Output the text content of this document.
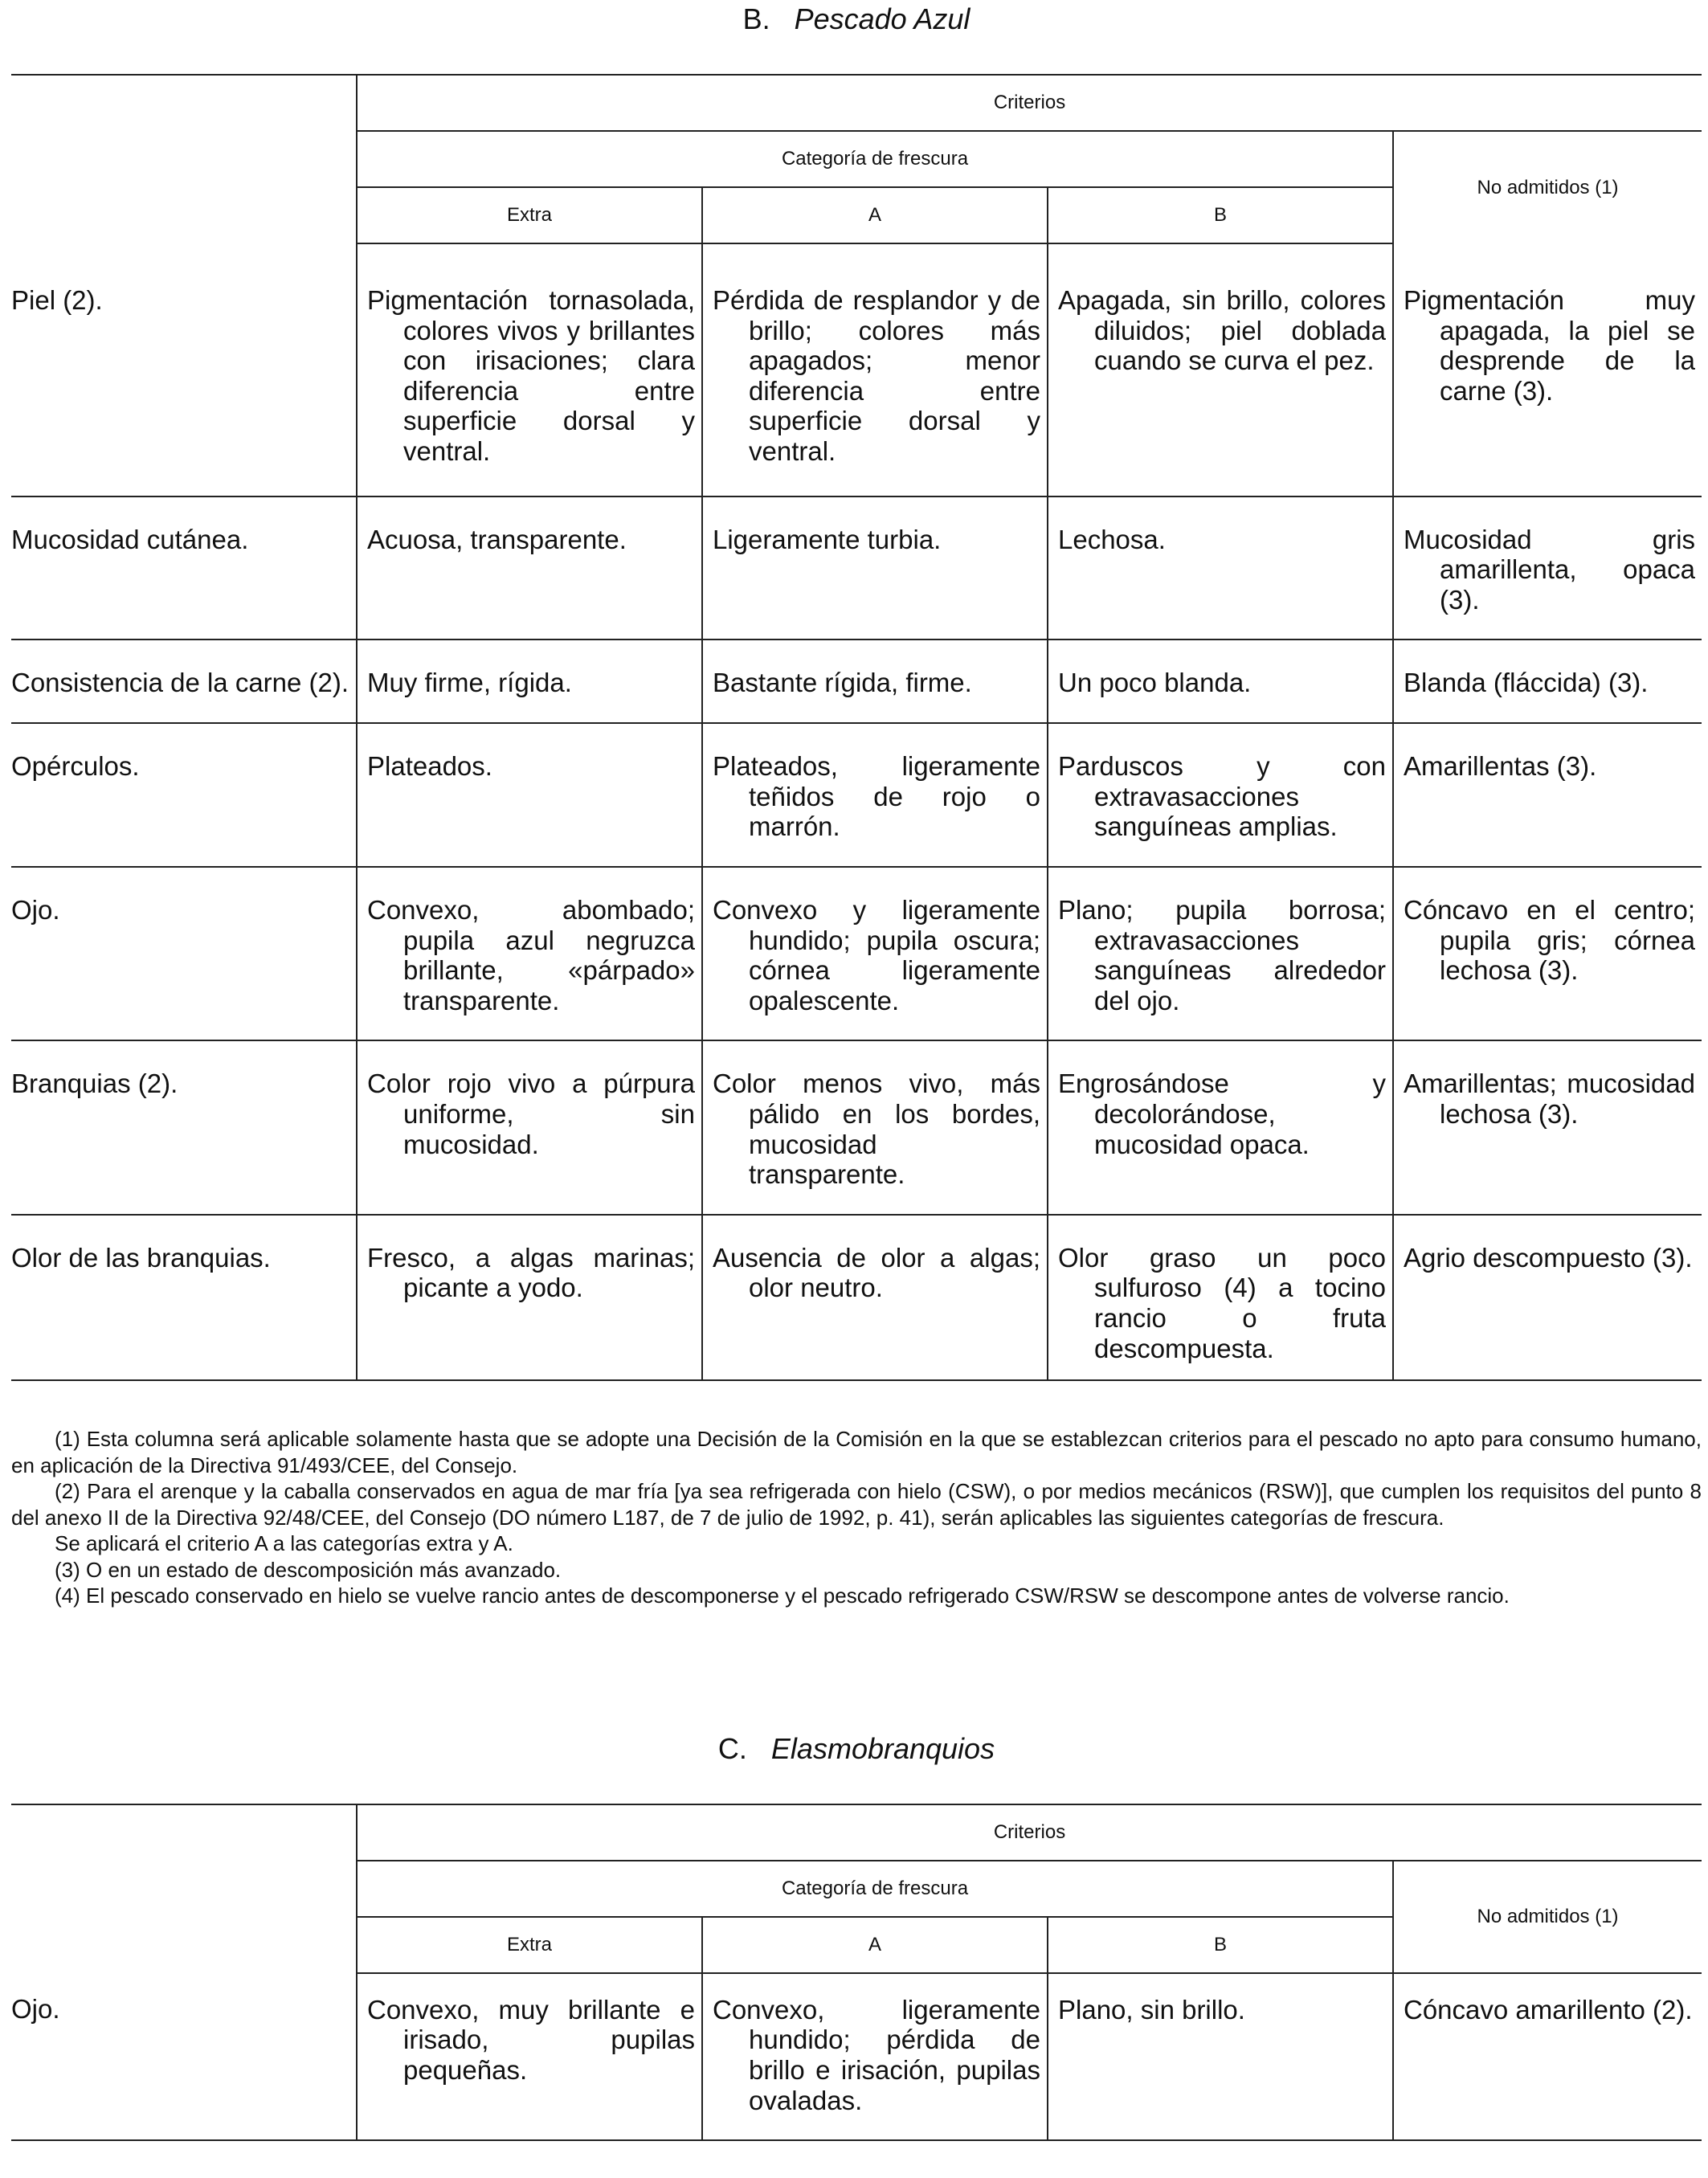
B. Pescado Azul
	Criterios			
	Categoría de frescura			No admitidos (1)
	Extra	A	B	

Piel (2).	Pigmentación tornasolada, colores vivos y brillantes con irisaciones; clara diferencia entre superficie dorsal y ventral.	Pérdida de resplandor y de brillo; colores más apagados; menor diferencia entre superficie dorsal y ventral.	Apagada, sin brillo, colores diluidos; piel doblada cuando se curva el pez.	Pigmentación muy apagada, la piel se desprende de la carne (3).

Mucosidad cutánea.	Acuosa, transparente.	Ligeramente turbia.	Lechosa.	Mucosidad gris amarillenta, opaca (3).

Consistencia de la carne (2).	Muy firme, rígida.	Bastante rígida, firme.	Un poco blanda.	Blanda (fláccida) (3).

Opérculos.	Plateados.	Plateados, ligeramente teñidos de rojo o marrón.	Parduscos y con extravasacciones sanguíneas amplias.	Amarillentas (3).

Ojo.	Convexo, abombado; pupila azul negruzca brillante, «párpado» transparente.	Convexo y ligeramente hundido; pupila oscura; córnea ligeramente opalescente.	Plano; pupila borrosa; extravasacciones sanguíneas alrededor del ojo.	Cóncavo en el centro; pupila gris; córnea lechosa (3).

Branquias (2).	Color rojo vivo a púrpura uniforme, sin mucosidad.	Color menos vivo, más pálido en los bordes, mucosidad transparente.	Engrosándose y decolorándose, mucosidad opaca.	Amarillentas; mucosidad lechosa (3).

Olor de las branquias.	Fresco, a algas marinas; picante a yodo.	Ausencia de olor a algas; olor neutro.	Olor graso un poco sulfuroso (4) a tocino rancio o fruta descompuesta.	Agrio descompuesto (3).

(1) Esta columna será aplicable solamente hasta que se adopte una Decisión de la Comisión en la que se establezcan criterios para el pescado no apto para consumo humano, en aplicación de la Directiva 91/493/CEE, del Consejo.

(2) Para el arenque y la caballa conservados en agua de mar fría [ya sea refrigerada con hielo (CSW), o por medios mecánicos (RSW)], que cumplen los requisitos del punto 8 del anexo II de la Directiva 92/48/CEE, del Consejo (DO número L187, de 7 de julio de 1992, p. 41), serán aplicables las siguientes categorías de frescura.

Se aplicará el criterio A a las categorías extra y A.

(3) O en un estado de descomposición más avanzado.

(4) El pescado conservado en hielo se vuelve rancio antes de descomponerse y el pescado refrigerado CSW/RSW se descompone antes de volverse rancio.

C. Elasmobranquios
	Criterios			
	Categoría de frescura			No admitidos (1)
	Extra	A	B	
Ojo.	Convexo, muy brillante e irisado, pupilas pequeñas.	Convexo, ligeramente hundido; pérdida de brillo e irisación, pupilas ovaladas.	Plano, sin brillo.	Cóncavo amarillento (2).
